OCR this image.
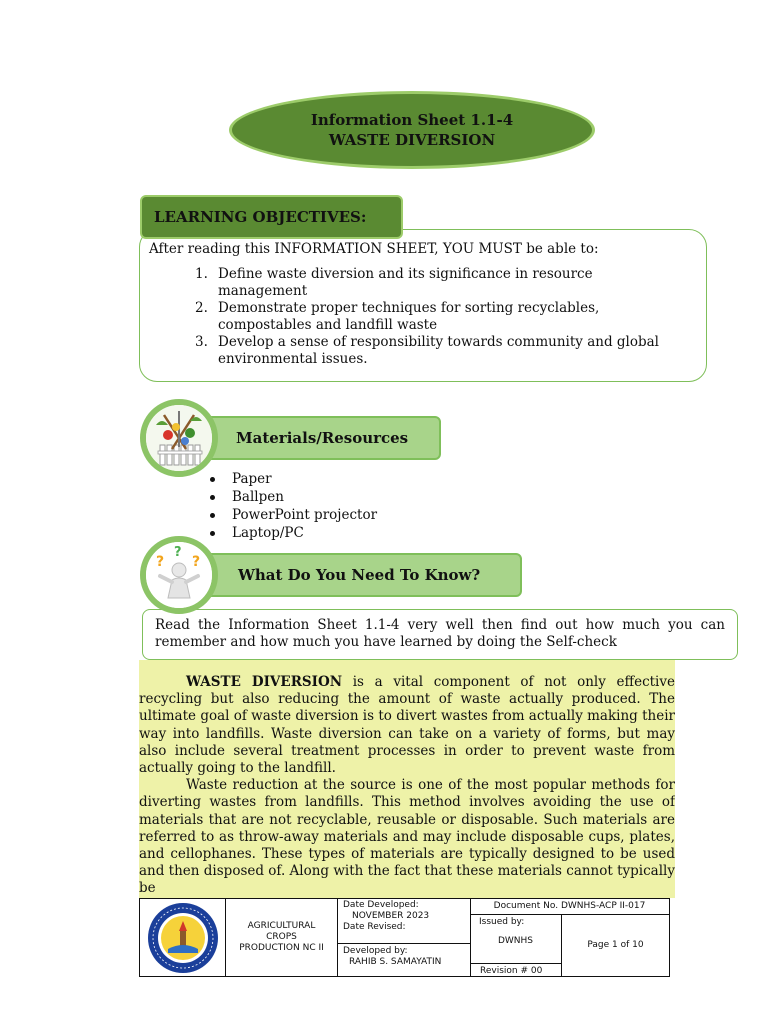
Information Sheet 1.1-4
WASTE DIVERSION
LEARNING OBJECTIVES:
After reading this INFORMATION SHEET, YOU MUST be able to:
1. Define waste diversion and its significance in resource management
2. Demonstrate proper techniques for sorting recyclables, compostables and landfill waste
3. Develop a sense of responsibility towards community and global environmental issues.
Materials/Resources
Paper
Ballpen
PowerPoint projector
Laptop/PC
What Do You Need To Know?
?
?
?
Read the Information Sheet 1.1-4 very well then find out how much you can remember and how much you have learned by doing the Self-check

WASTE DIVERSION is a vital component of not only effective recycling but also reducing the amount of waste actually produced. The ultimate goal of waste diversion is to divert wastes from actually making their way into landfills. Waste diversion can take on a variety of forms, but may also include several treatment processes in order to prevent waste from actually going to the landfill.

Waste reduction at the source is one of the most popular methods for diverting wastes from landfills. This method involves avoiding the use of materials that are not recyclable, reusable or disposable. Such materials are referred to as throw-away materials and may include disposable cups, plates, and cellophanes. These types of materials are typically designed to be used and then disposed of. Along with the fact that these materials cannot typically be

AGRICULTURAL
CROPS
PRODUCTION NC II
Date Developed:
NOVEMBER 2023
Date Revised:
Developed by:
RAHIB S. SAMAYATIN
Document No. DWNHS-ACP II-017
Issued by:
DWNHS
Revision # 00
Page 1 of 10
